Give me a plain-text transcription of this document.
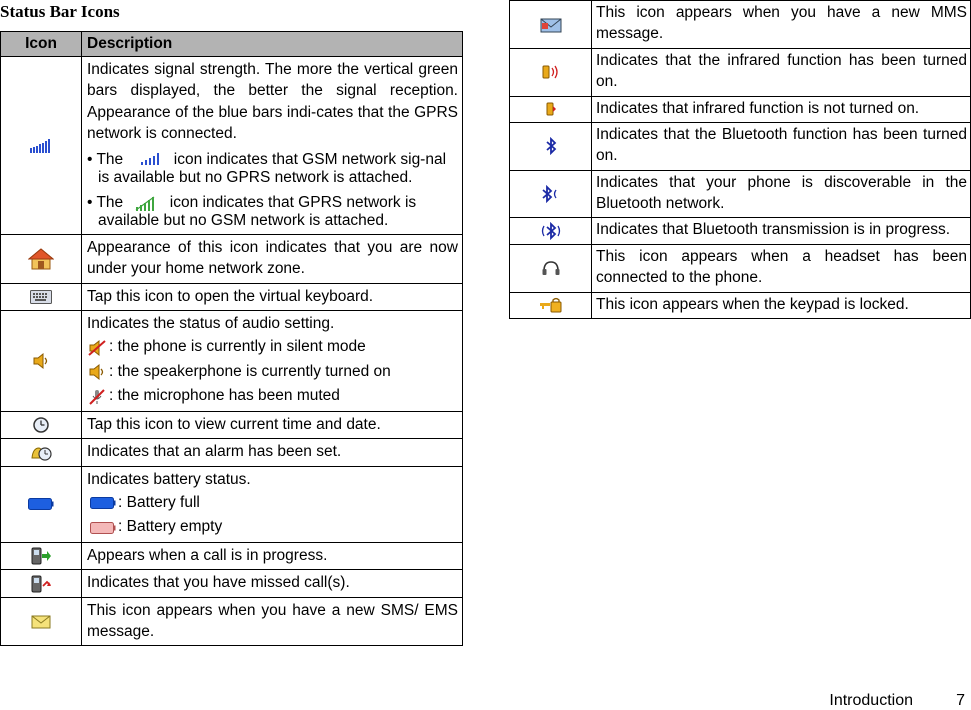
Status Bar Icons
Icon	Description

Indicates signal strength. The more the vertical green bars displayed, the better the signal reception. Appearance of the blue bars indi-cates that the GPRS network is connected.
• The icon indicates that GSM network sig-nal is available but no GPRS network is attached.
• The icon indicates that GPRS network is available but no GSM network is attached.

	Appearance of this icon indicates that you are now under your home network zone.

	Tap this icon to open the virtual keyboard.

Indicates the status of audio setting.
: the phone is currently in silent mode
: the speakerphone is currently turned on
: the microphone has been muted

	Tap this icon to view current time and date.

	Indicates that an alarm has been set.

Indicates battery status.
: Battery full
: Battery empty

	Appears when a call is in progress.

	Indicates that you have missed call(s).

	This icon appears when you have a new SMS/ EMS message.
	This icon appears when you have a new MMS message.

	Indicates that the infrared function has been turned on.

	Indicates that infrared function is not turned on.

	Indicates that the Bluetooth function has been turned on.

	Indicates that your phone is discoverable in the Bluetooth network.

	Indicates that Bluetooth transmission is in progress.

	This icon appears when a headset has been connected to the phone.

	This icon appears when the keypad is locked.
Introduction	7
